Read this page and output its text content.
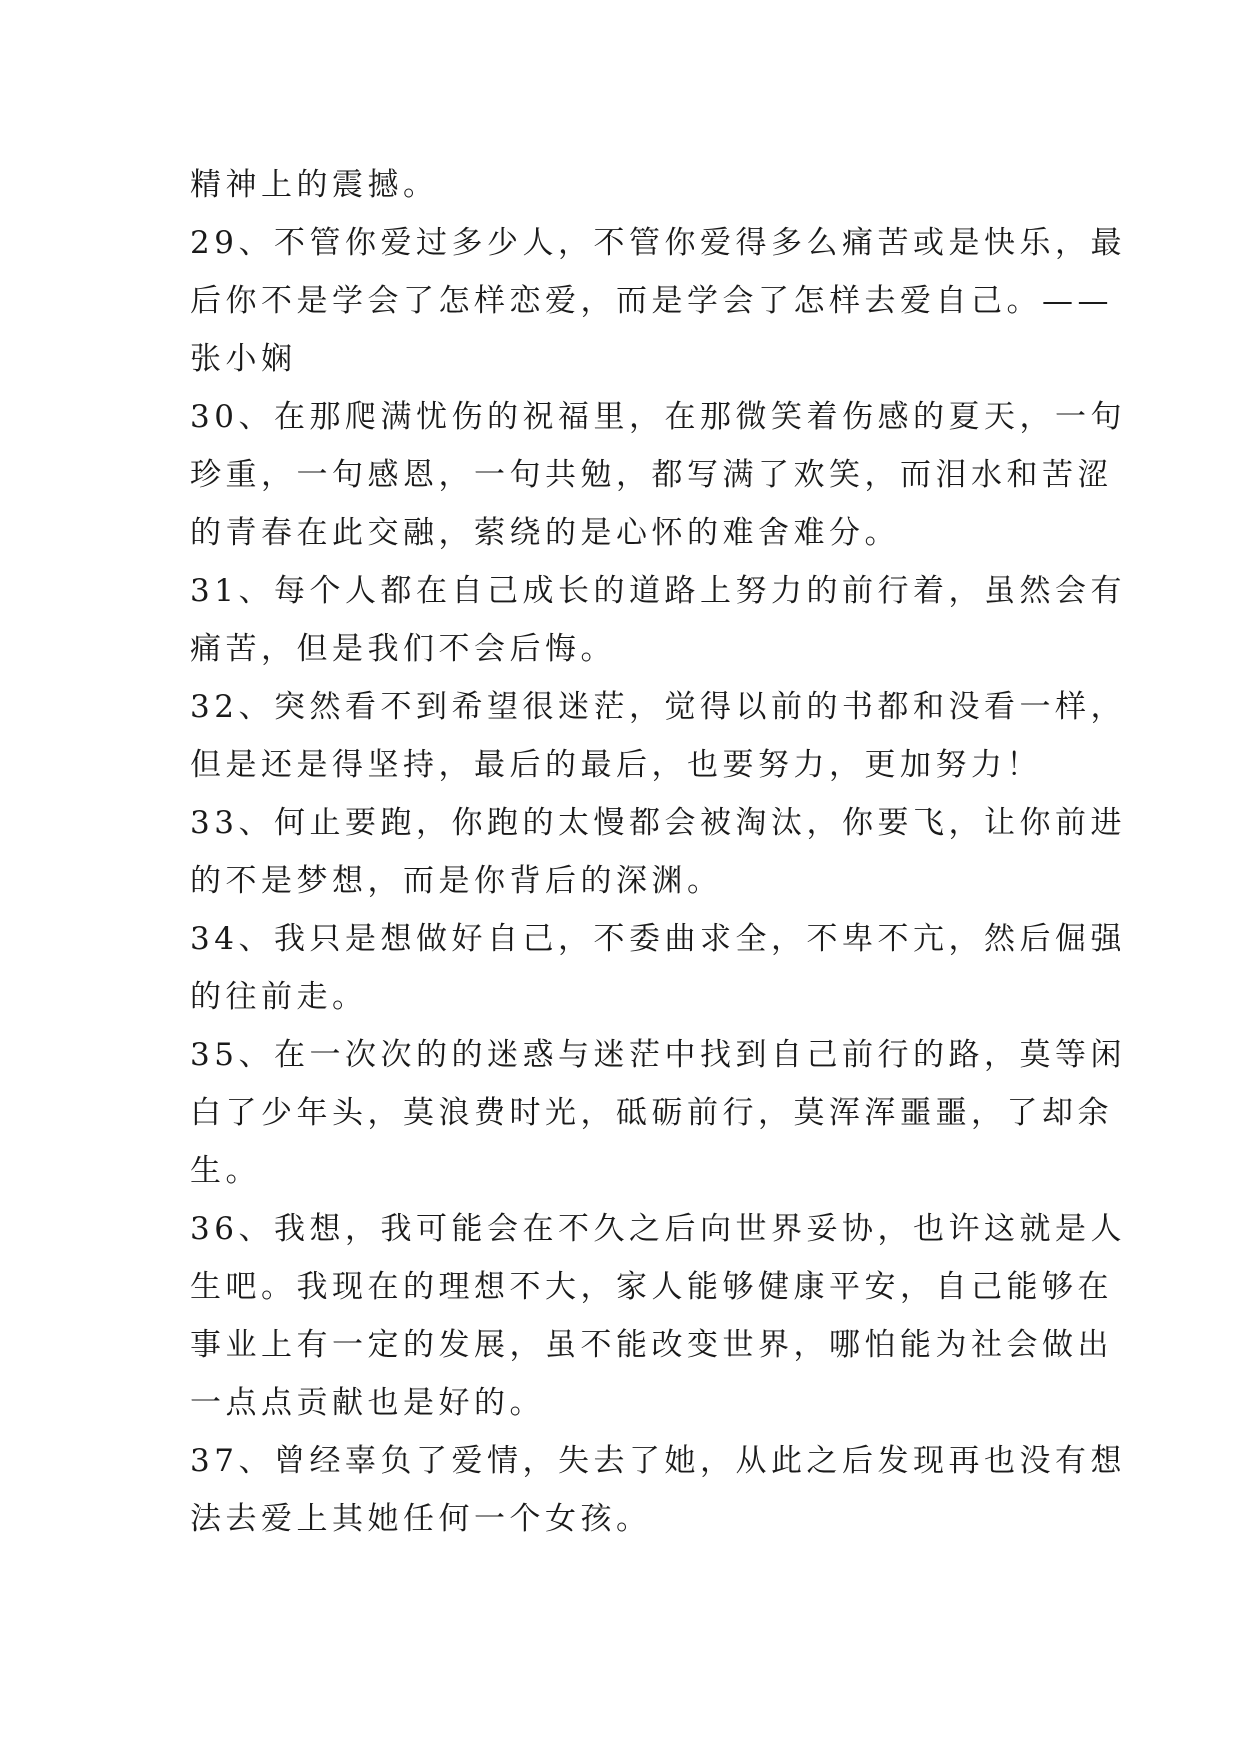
精神上的震撼。
29、不管你爱过多少人，不管你爱得多么痛苦或是快乐，最
后你不是学会了怎样恋爱，而是学会了怎样去爱自己。——
张小娴
30、在那爬满忧伤的祝福里，在那微笑着伤感的夏天，一句
珍重，一句感恩，一句共勉，都写满了欢笑，而泪水和苦涩
的青春在此交融，萦绕的是心怀的难舍难分。
31、每个人都在自己成长的道路上努力的前行着，虽然会有
痛苦，但是我们不会后悔。
32、突然看不到希望很迷茫，觉得以前的书都和没看一样，
但是还是得坚持，最后的最后，也要努力，更加努力！
33、何止要跑，你跑的太慢都会被淘汰，你要飞，让你前进
的不是梦想，而是你背后的深渊。
34、我只是想做好自己，不委曲求全，不卑不亢，然后倔强
的往前走。
35、在一次次的的迷惑与迷茫中找到自己前行的路，莫等闲
白了少年头，莫浪费时光，砥砺前行，莫浑浑噩噩，了却余
生。
36、我想，我可能会在不久之后向世界妥协，也许这就是人
生吧。我现在的理想不大，家人能够健康平安，自己能够在
事业上有一定的发展，虽不能改变世界，哪怕能为社会做出
一点点贡献也是好的。
37、曾经辜负了爱情，失去了她，从此之后发现再也没有想
法去爱上其她任何一个女孩。
